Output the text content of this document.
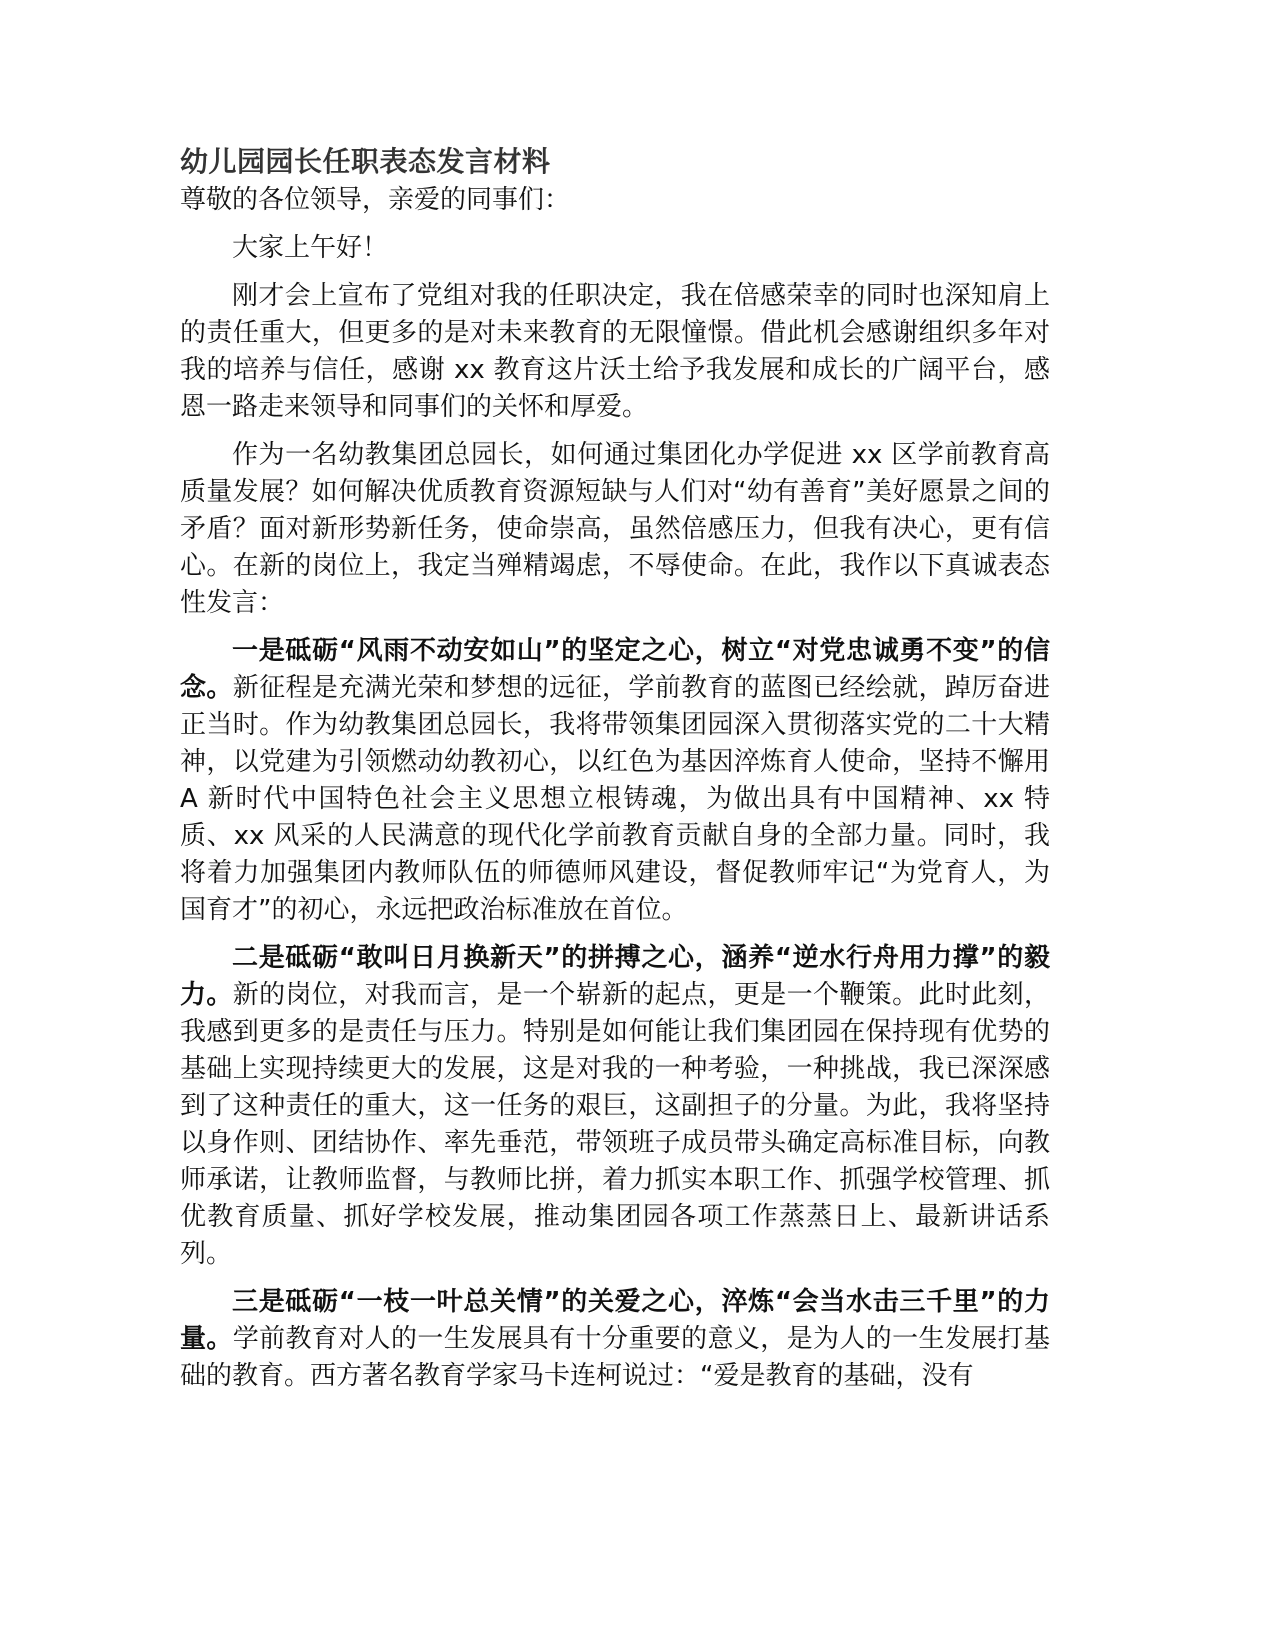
幼儿园园长任职表态发言材料

尊敬的各位领导，亲爱的同事们：

大家上午好！

刚才会上宣布了党组对我的任职决定，我在倍感荣幸的同时也深知肩上的责任重大，但更多的是对未来教育的无限憧憬。借此机会感谢组织多年对我的培养与信任，感谢 xx 教育这片沃土给予我发展和成长的广阔平台，感恩一路走来领导和同事们的关怀和厚爱。

作为一名幼教集团总园长，如何通过集团化办学促进 xx 区学前教育高质量发展？如何解决优质教育资源短缺与人们对“幼有善育”美好愿景之间的矛盾？面对新形势新任务，使命崇高，虽然倍感压力，但我有决心，更有信心。在新的岗位上，我定当殚精竭虑，不辱使命。在此，我作以下真诚表态性发言：

一是砥砺“风雨不动安如山”的坚定之心，树立“对党忠诚勇不变”的信念。新征程是充满光荣和梦想的远征，学前教育的蓝图已经绘就，踔厉奋进正当时。作为幼教集团总园长，我将带领集团园深入贯彻落实党的二十大精神，以党建为引领燃动幼教初心，以红色为基因淬炼育人使命，坚持不懈用 A 新时代中国特色社会主义思想立根铸魂，为做出具有中国精神、xx 特质、xx 风采的人民满意的现代化学前教育贡献自身的全部力量。同时，我将着力加强集团内教师队伍的师德师风建设，督促教师牢记“为党育人，为国育才”的初心，永远把政治标准放在首位。

二是砥砺“敢叫日月换新天”的拼搏之心，涵养“逆水行舟用力撑”的毅力。新的岗位，对我而言，是一个崭新的起点，更是一个鞭策。此时此刻，我感到更多的是责任与压力。特别是如何能让我们集团园在保持现有优势的基础上实现持续更大的发展，这是对我的一种考验，一种挑战，我已深深感到了这种责任的重大，这一任务的艰巨，这副担子的分量。为此，我将坚持以身作则、团结协作、率先垂范，带领班子成员带头确定高标准目标，向教师承诺，让教师监督，与教师比拼，着力抓实本职工作、抓强学校管理、抓优教育质量、抓好学校发展，推动集团园各项工作蒸蒸日上、最新讲话系列。

三是砥砺“一枝一叶总关情”的关爱之心，淬炼“会当水击三千里”的力量。学前教育对人的一生发展具有十分重要的意义，是为人的一生发展打基础的教育。西方著名教育学家马卡连柯说过：“爱是教育的基础，没有
